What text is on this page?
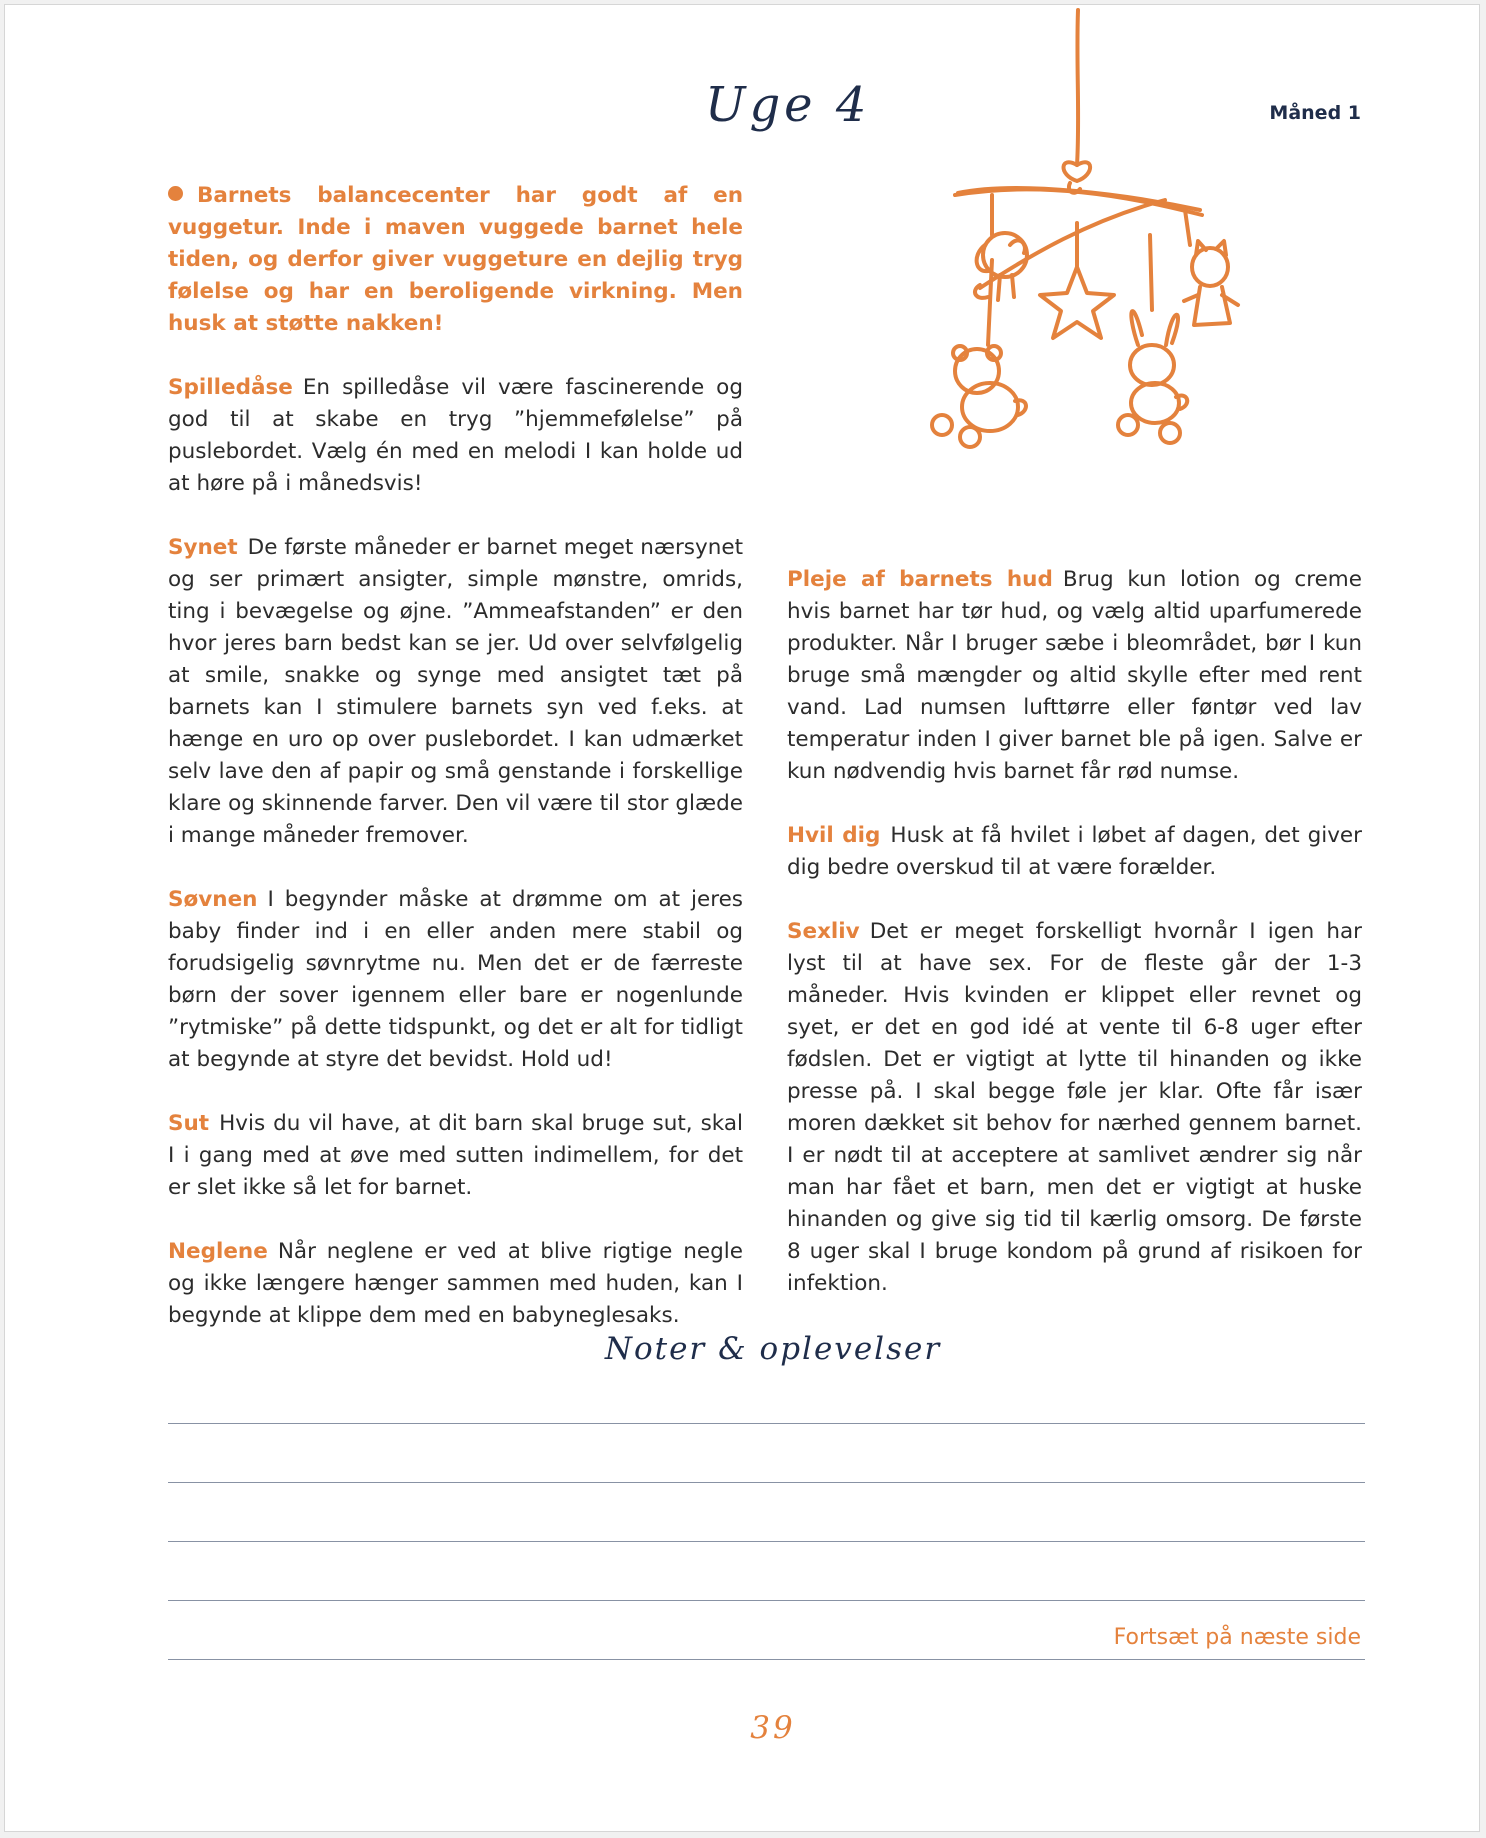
Uge 4	Måned 1

Barnets balancecenter har godt af en vuggetur. Inde i maven vuggede barnet hele tiden, og derfor giver vuggeture en dejlig tryg følelse og har en beroligende virkning. Men husk at støtte nakken!

Spilledåse En spilledåse vil være fascinerende og god til at skabe en tryg ”hjemmefølelse” på puslebordet. Vælg én med en melodi I kan holde ud at høre på i månedsvis!

Synet De første måneder er barnet meget nærsynet og ser primært ansigter, simple mønstre, omrids, ting i bevægelse og øjne. ”Ammeafstanden” er den hvor jeres barn bedst kan se jer. Ud over selvfølgelig at smile, snakke og synge med ansigtet tæt på barnets kan I stimulere barnets syn ved f.eks. at hænge en uro op over puslebordet. I kan udmærket selv lave den af papir og små genstande i forskellige klare og skinnende farver. Den vil være til stor glæde i mange måneder fremover.

Søvnen I begynder måske at drømme om at jeres baby finder ind i en eller anden mere stabil og forudsigelig søvnrytme nu. Men det er de færreste børn der sover igennem eller bare er nogenlunde ”rytmiske” på dette tidspunkt, og det er alt for tidligt at begynde at styre det bevidst. Hold ud!

Sut Hvis du vil have, at dit barn skal bruge sut, skal I i gang med at øve med sutten indimellem, for det er slet ikke så let for barnet.

Neglene Når neglene er ved at blive rigtige negle og ikke længere hænger sammen med huden, kan I begynde at klippe dem med en babyneglesaks.

Pleje af barnets hud Brug kun lotion og creme hvis barnet har tør hud, og vælg altid uparfumerede produkter. Når I bruger sæbe i bleområdet, bør I kun bruge små mængder og altid skylle efter med rent vand. Lad numsen lufttørre eller føntør ved lav temperatur inden I giver barnet ble på igen. Salve er kun nødvendig hvis barnet får rød numse.

Hvil dig Husk at få hvilet i løbet af dagen, det giver dig bedre overskud til at være forælder.

Sexliv Det er meget forskelligt hvornår I igen har lyst til at have sex. For de fleste går der 1-3 måneder. Hvis kvinden er klippet eller revnet og syet, er det en god idé at vente til 6-8 uger efter fødslen. Det er vigtigt at lytte til hinanden og ikke presse på. I skal begge føle jer klar. Ofte får især moren dækket sit behov for nærhed gennem barnet. I er nødt til at acceptere at samlivet ændrer sig når man har fået et barn, men det er vigtigt at huske hinanden og give sig tid til kærlig omsorg. De første 8 uger skal I bruge kondom på grund af risikoen for infektion.

Noter & oplevelser
Fortsæt på næste side
39
